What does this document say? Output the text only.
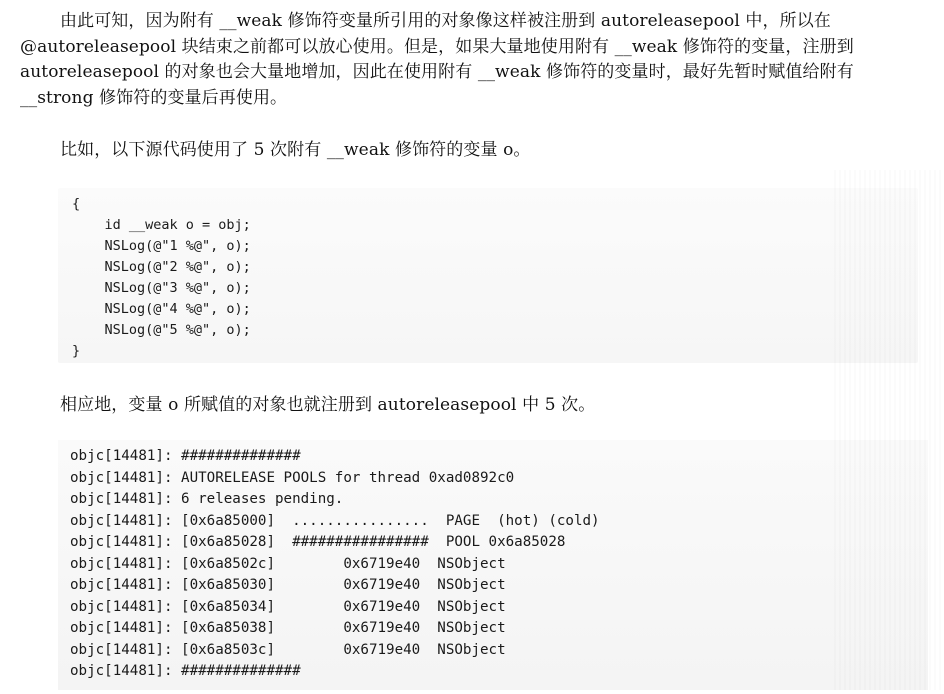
由此可知，因为附有 __weak 修饰符变量所引用的对象像这样被注册到 autoreleasepool 中，所以在 @autoreleasepool 块结束之前都可以放心使用。但是，如果大量地使用附有 __weak 修饰符的变量，注册到 autoreleasepool 的对象也会大量地增加，因此在使用附有 __weak 修饰符的变量时，最好先暂时赋值给附有 __strong 修饰符的变量后再使用。
比如，以下源代码使用了 5 次附有 __weak 修饰符的变量 o。
{
id __weak o = obj;
NSLog(@"1 %@", o);
NSLog(@"2 %@", o);
NSLog(@"3 %@", o);
NSLog(@"4 %@", o);
NSLog(@"5 %@", o);
}
相应地，变量 o 所赋值的对象也就注册到 autoreleasepool 中 5 次。
objc[14481]: ##############
objc[14481]: AUTORELEASE POOLS for thread 0xad0892c0
objc[14481]: 6 releases pending.
objc[14481]: [0x6a85000]  ................  PAGE  (hot) (cold)
objc[14481]: [0x6a85028]  ################  POOL 0x6a85028
objc[14481]: [0x6a8502c]        0x6719e40  NSObject
objc[14481]: [0x6a85030]        0x6719e40  NSObject
objc[14481]: [0x6a85034]        0x6719e40  NSObject
objc[14481]: [0x6a85038]        0x6719e40  NSObject
objc[14481]: [0x6a8503c]        0x6719e40  NSObject
objc[14481]: ##############
